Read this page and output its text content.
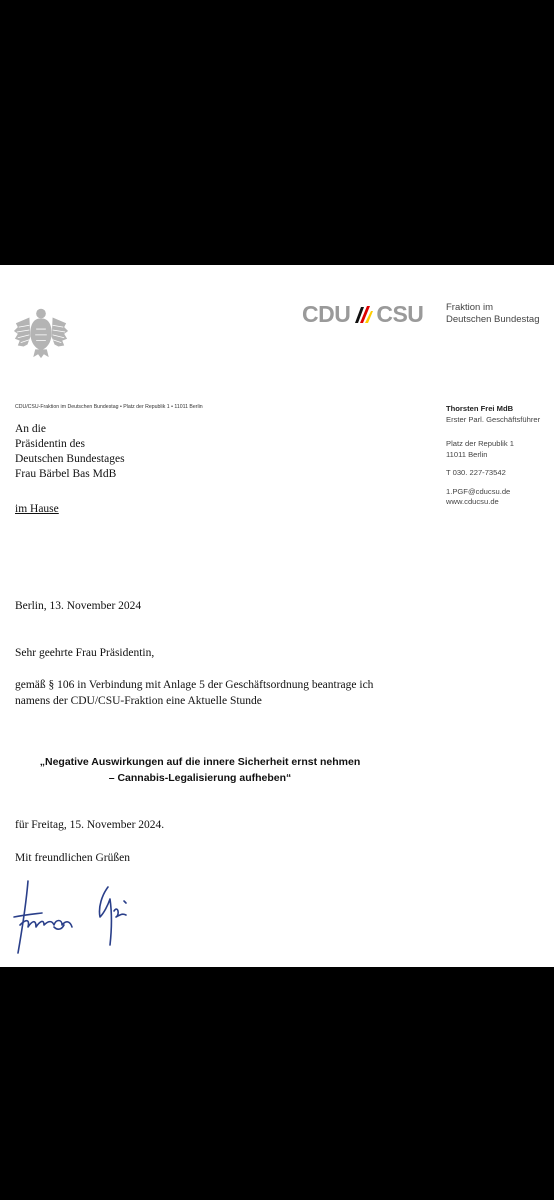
CDU CSU Fraktion im
Deutschen Bundestag
CDU/CSU-Fraktion im Deutschen Bundestag • Platz der Republik 1 • 11011 Berlin
An die
Präsidentin des
Deutschen Bundestages
Frau Bärbel Bas MdB
im Hause
Thorsten Frei MdB
Erster Parl. Geschäftsführer
Platz der Republik 1
11011 Berlin
T 030. 227-73542
1.PGF@cducsu.de
www.cducsu.de
Berlin, 13. November 2024
Sehr geehrte Frau Präsidentin,
gemäß § 106 in Verbindung mit Anlage 5 der Geschäftsordnung beantrage ich
namens der CDU/CSU-Fraktion eine Aktuelle Stunde
„Negative Auswirkungen auf die innere Sicherheit ernst nehmen
– Cannabis-Legalisierung aufheben“
für Freitag, 15. November 2024.
Mit freundlichen Grüßen
